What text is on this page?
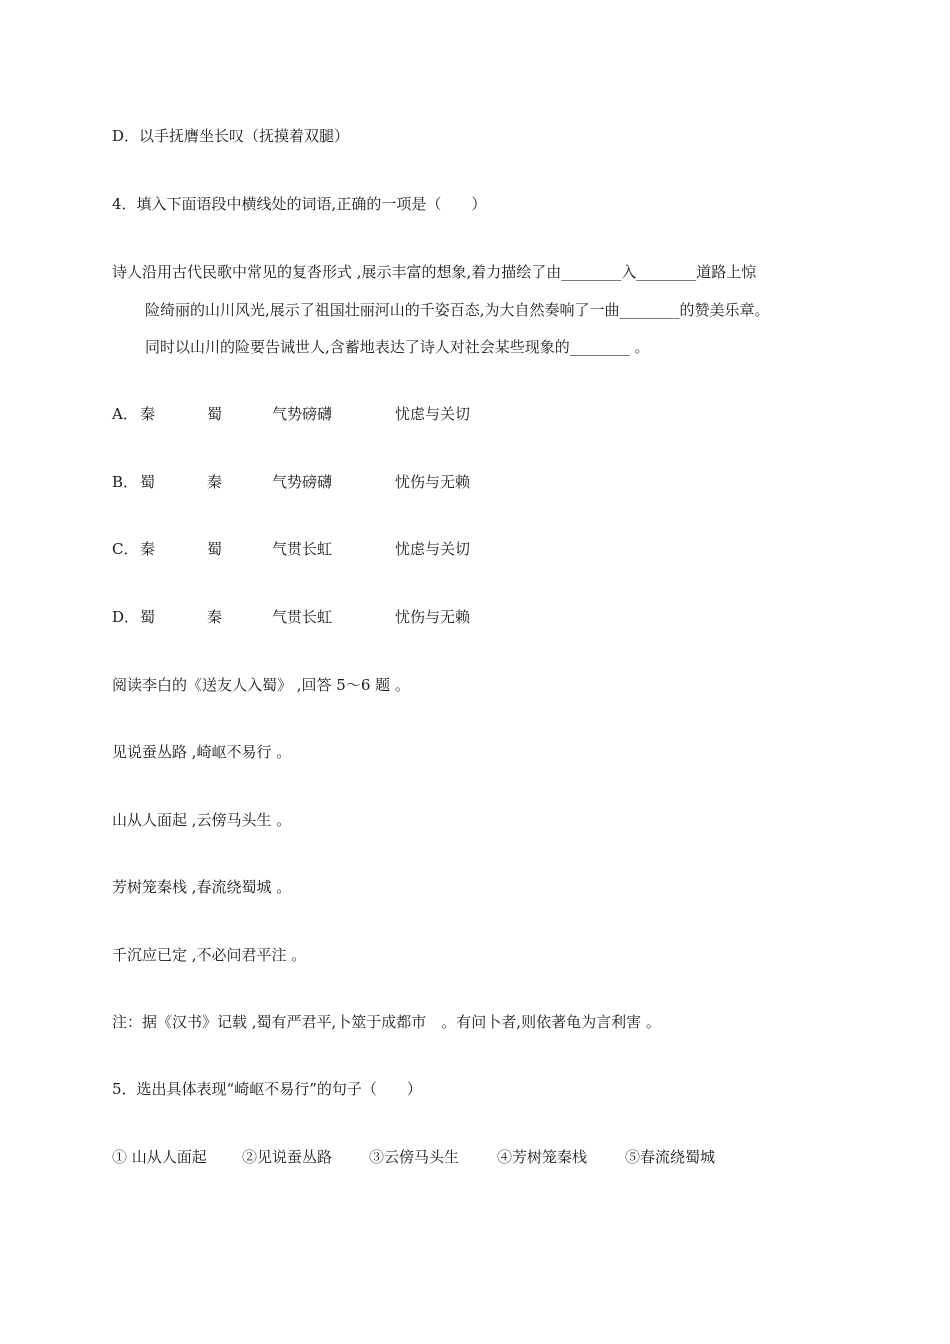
D．以手抚膺坐长叹（抚摸着双腿）
4．填入下面语段中横线处的词语,正确的一项是（　　）
诗人沿用古代民歌中常见的复沓形式 ,展示丰富的想象,着力描绘了由________入________道路上惊
险绮丽的山川风光,展示了祖国壮丽河山的千姿百态,为大自然奏响了一曲________的赞美乐章。
同时以山川的险要告诫世人,含蓄地表达了诗人对社会某些现象的________ 。
A． 秦	蜀	气势磅礴	忧虑与关切
B． 蜀	秦	气势磅礴	忧伤与无赖
C． 秦	蜀	气贯长虹	忧虑与关切
D． 蜀	秦	气贯长虹	忧伤与无赖
阅读李白的《送友人入蜀》 ,回答 5～6 题 。
见说蚕丛路 ,崎岖不易行 。
山从人面起 ,云傍马头生 。
芳树笼秦栈 ,春流绕蜀城 。
千沉应已定 ,不必问君平注 。
注：据《汉书》记载 ,蜀有严君平,卜筮于成都市　。有问卜者,则依著龟为言利害 。
5．选出具体表现“崎岖不易行”的句子（　　）
① 山从人面起 ②见说蚕丛路 ③云傍马头生	④芳树笼秦栈	⑤春流绕蜀城
